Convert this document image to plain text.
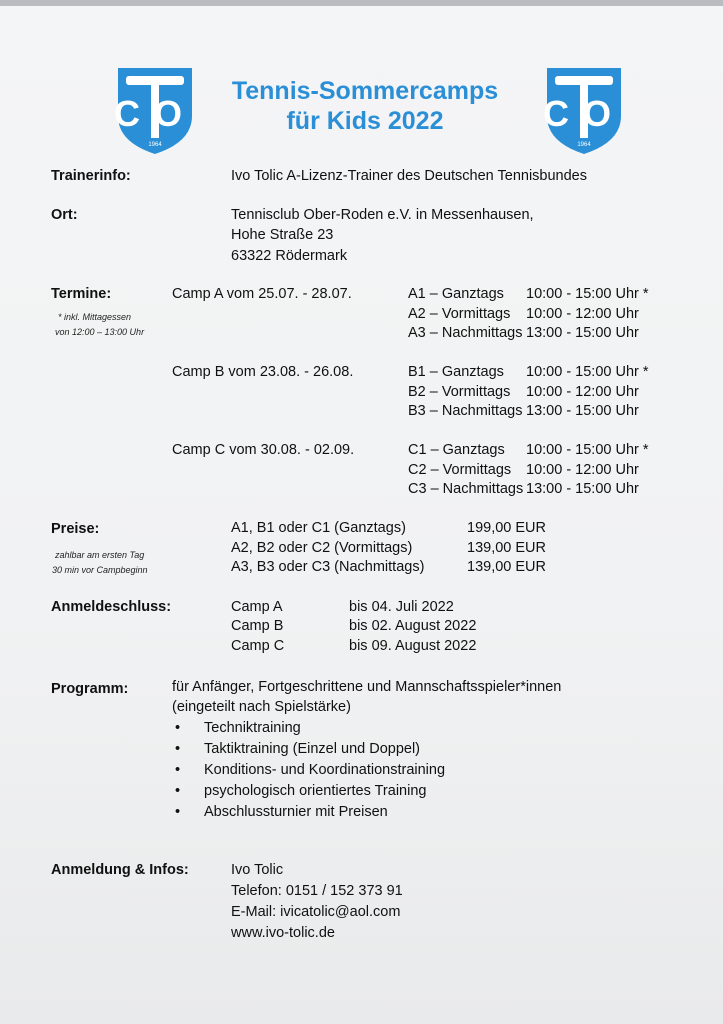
CO
1964
CO
1964
Tennis-Sommercamps
für Kids 2022
Trainerinfo:	Ivo Tolic A-Lizenz-Trainer des Deutschen Tennisbundes
Ort:	Tennisclub Ober-Roden e.V. in Messenhausen,
Hohe Straße 23
63322 Rödermark
Termine:
* inkl. Mittagessen
von 12:00 – 13:00 Uhr
Camp A vom 25.07. - 28.07.	A1 – Ganztags 10:00 - 15:00 Uhr *
A2 – Vormittags 10:00 - 12:00 Uhr
A3 – Nachmittags 13:00 - 15:00 Uhr
Camp B vom 23.08. - 26.08.	B1 – Ganztags 10:00 - 15:00 Uhr *
B2 – Vormittags 10:00 - 12:00 Uhr
B3 – Nachmittags 13:00 - 15:00 Uhr
Camp C vom 30.08. - 02.09.	C1 – Ganztags 10:00 - 15:00 Uhr *
C2 – Vormittags 10:00 - 12:00 Uhr
C3 – Nachmittags 13:00 - 15:00 Uhr
Preise:
zahlbar am ersten Tag
30 min vor Campbeginn
A1, B1 oder C1 (Ganztags)	199,00 EUR
A2, B2 oder C2 (Vormittags)	139,00 EUR
A3, B3 oder C3 (Nachmittags)	139,00 EUR
Anmeldeschluss:	Camp A	bis 04. Juli 2022
Camp B	bis 02. August 2022
Camp C	bis 09. August 2022
Programm:	für Anfänger, Fortgeschrittene und Mannschaftsspieler*innen
(eingeteilt nach Spielstärke)
• Techniktraining
• Taktiktraining (Einzel und Doppel)
• Konditions- und Koordinationstraining
• psychologisch orientiertes Training
• Abschlussturnier mit Preisen
Anmeldung & Infos:	Ivo Tolic
Telefon: 0151 / 152 373 91
E-Mail: ivicatolic@aol.com
www.ivo-tolic.de
